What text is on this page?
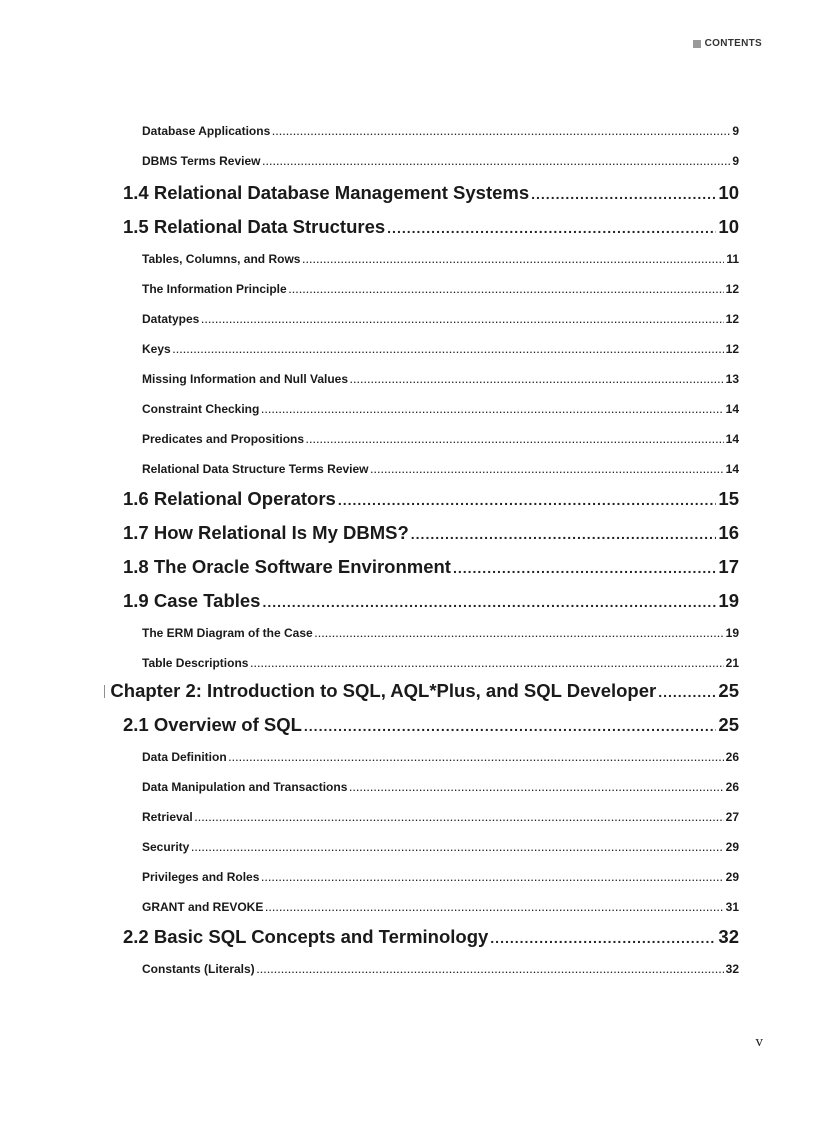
CONTENTS
Database Applications .....	9
DBMS Terms Review .....	9
1.4 Relational Database Management Systems .....	10
1.5 Relational Data Structures .....	10
Tables, Columns, and Rows .....	11
The Information Principle .....	12
Datatypes .....	12
Keys .....	12
Missing Information and Null Values .....	13
Constraint Checking .....	14
Predicates and Propositions .....	14
Relational Data Structure Terms Review .....	14
1.6 Relational Operators .....	15
1.7 How Relational Is My DBMS? .....	16
1.8 The Oracle Software Environment .....	17
1.9 Case Tables .....	19
The ERM Diagram of the Case .....	19
Table Descriptions .....	21
Chapter 2: Introduction to SQL, AQL*Plus, and SQL Developer .....	25
2.1 Overview of SQL .....	25
Data Definition .....	26
Data Manipulation and Transactions .....	26
Retrieval .....	27
Security .....	29
Privileges and Roles .....	29
GRANT and REVOKE .....	31
2.2 Basic SQL Concepts and Terminology .....	32
Constants (Literals) .....	32
v
